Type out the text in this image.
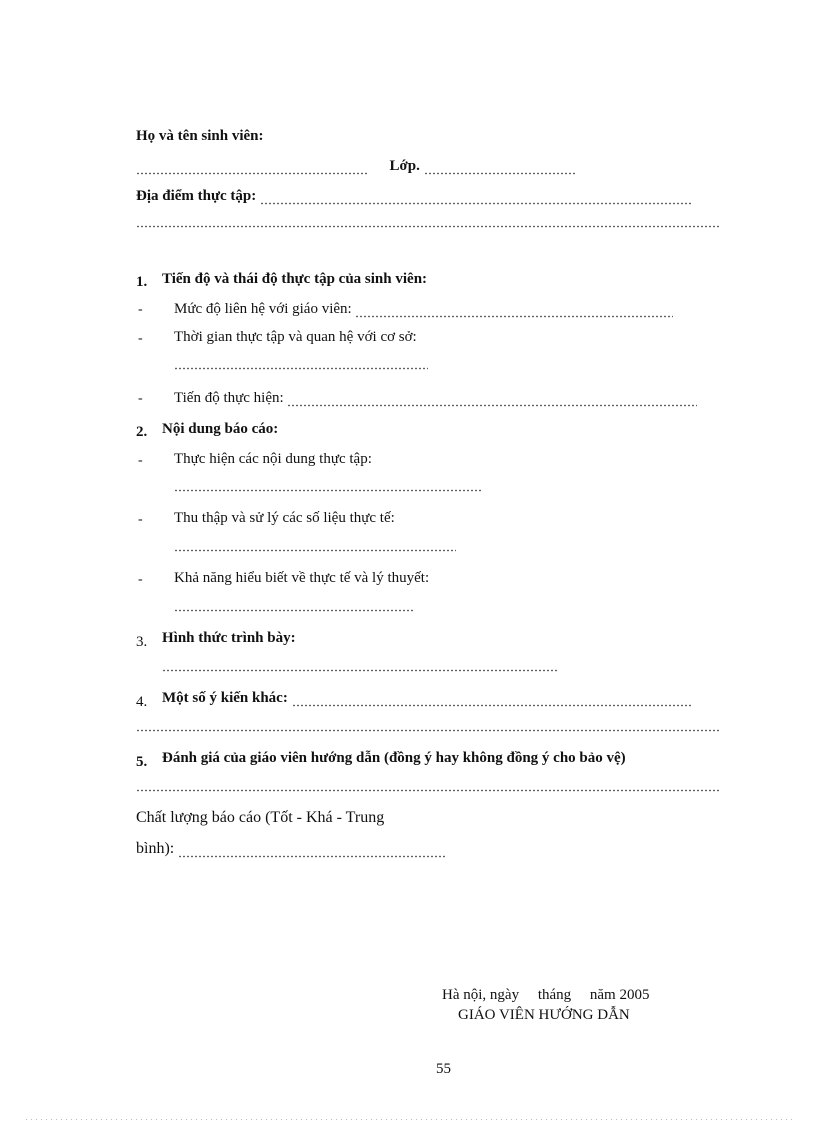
Họ và tên sinh viên:
Lớp.
Địa điểm thực tập:
1. Tiến độ và thái độ thực tập của sinh viên:
- Mức độ liên hệ với giáo viên:
- Thời gian thực tập và quan hệ với cơ sở:
- Tiến độ thực hiện:
2. Nội dung báo cáo:
- Thực hiện các nội dung thực tập:
- Thu thập và sử lý các số liệu thực tế:
- Khả năng hiểu biết về thực tế và lý thuyết:
3. Hình thức trình bày:
4. Một số ý kiến khác:
5. Đánh giá của giáo viên hướng dẫn (đồng ý hay không đồng ý cho bảo vệ)
Chất lượng báo cáo (Tốt - Khá - Trung
bình):
Hà nội, ngày     tháng     năm 2005
GIÁO VIÊN HƯỚNG DẪN
55
